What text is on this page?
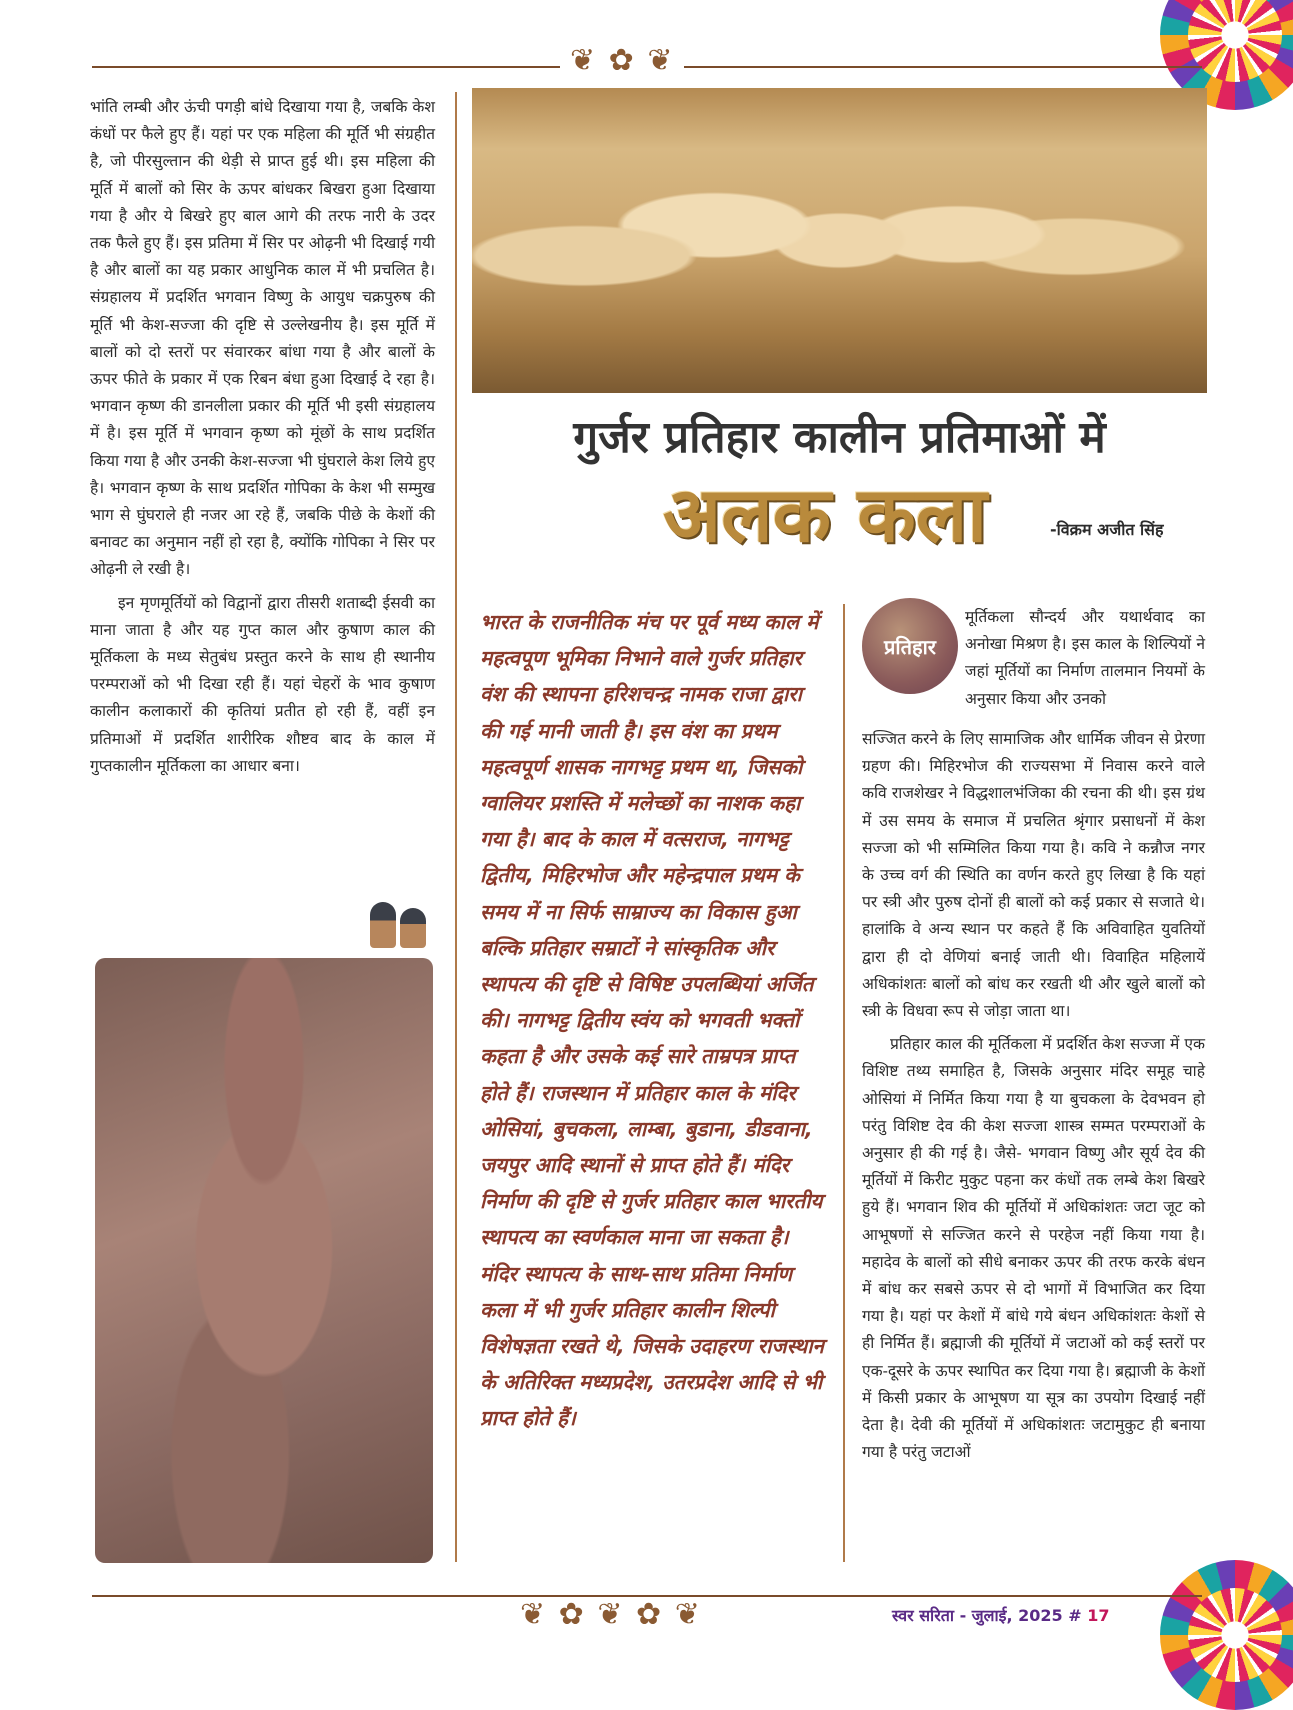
❦ ✿ ❦

भांति लम्बी और ऊंची पगड़ी बांधे दिखाया गया है, जबकि केश कंधों पर फैले हुए हैं। यहां पर एक महिला की मूर्ति भी संग्रहीत है, जो पीरसुल्तान की थेड़ी से प्राप्त हुई थी। इस महिला की मूर्ति में बालों को सिर के ऊपर बांधकर बिखरा हुआ दिखाया गया है और ये बिखरे हुए बाल आगे की तरफ नारी के उदर तक फैले हुए हैं। इस प्रतिमा में सिर पर ओढ़नी भी दिखाई गयी है और बालों का यह प्रकार आधुनिक काल में भी प्रचलित है। संग्रहालय में प्रदर्शित भगवान विष्णु के आयुध चक्रपुरुष की मूर्ति भी केश-सज्जा की दृष्टि से उल्लेखनीय है। इस मूर्ति में बालों को दो स्तरों पर संवारकर बांधा गया है और बालों के ऊपर फीते के प्रकार में एक रिबन बंधा हुआ दिखाई दे रहा है। भगवान कृष्ण की डानलीला प्रकार की मूर्ति भी इसी संग्रहालय में है। इस मूर्ति में भगवान कृष्ण को मूंछों के साथ प्रदर्शित किया गया है और उनकी केश-सज्जा भी घुंघराले केश लिये हुए है। भगवान कृष्ण के साथ प्रदर्शित गोपिका के केश भी सम्मुख भाग से घुंघराले ही नजर आ रहे हैं, जबकि पीछे के केशों की बनावट का अनुमान नहीं हो रहा है, क्योंकि गोपिका ने सिर पर ओढ़नी ले रखी है।

इन मृणमूर्तियों को विद्वानों द्वारा तीसरी शताब्दी ईसवी का माना जाता है और यह गुप्त काल और कुषाण काल की मूर्तिकला के मध्य सेतुबंध प्रस्तुत करने के साथ ही स्थानीय परम्पराओं को भी दिखा रही हैं। यहां चेहरों के भाव कुषाण कालीन कलाकारों की कृतियां प्रतीत हो रही हैं, वहीं इन प्रतिमाओं में प्रदर्शित शारीरिक शौष्टव बाद के काल में गुप्तकालीन मूर्तिकला का आधार बना।

गुर्जर प्रतिहार कालीन प्रतिमाओं में
अलक कला	-विक्रम अजीत सिंह

भारत के राजनीतिक मंच पर पूर्व मध्य काल में महत्वपूण भूमिका निभाने वाले गुर्जर प्रतिहार वंश की स्थापना हरिशचन्द्र नामक राजा द्वारा की गई मानी जाती है। इस वंश का प्रथम महत्वपूर्ण शासक नागभट्ट प्रथम था, जिसको ग्वालियर प्रशस्ति में मलेच्छों का नाशक कहा गया है। बाद के काल में वत्सराज, नागभट्ट द्वितीय, मिहिरभोज और महेन्द्रपाल प्रथम के समय में ना सिर्फ साम्राज्य का विकास हुआ बल्कि प्रतिहार सम्राटों ने सांस्कृतिक और स्थापत्य की दृष्टि से विषिष्ट उपलब्धियां अर्जित की। नागभट्ट द्वितीय स्वंय को भगवती भक्तों कहता है और उसके कई सारे ताम्रपत्र प्राप्त होते हैं। राजस्थान में प्रतिहार काल के मंदिर ओसियां, बुचकला, लाम्बा, बुडाना, डीडवाना, जयपुर आदि स्थानों से प्राप्त होते हैं। मंदिर निर्माण की दृष्टि से गुर्जर प्रतिहार काल भारतीय स्थापत्य का स्वर्णकाल माना जा सकता है। मंदिर स्थापत्य के साथ-साथ प्रतिमा निर्माण कला में भी गुर्जर प्रतिहार कालीन शिल्पी विशेषज्ञता रखते थे, जिसके उदाहरण राजस्थान के अतिरिक्त मध्यप्रदेश, उतरप्रदेश आदि से भी प्राप्त होते हैं।

प्रतिहार

मूर्तिकला सौन्दर्य और यथार्थवाद का अनोखा मिश्रण है। इस काल के शिल्पियों ने जहां मूर्तियों का निर्माण तालमान नियमों के अनुसार किया और उनको

सज्जित करने के लिए सामाजिक और धार्मिक जीवन से प्रेरणा ग्रहण की। मिहिरभोज की राज्यसभा में निवास करने वाले कवि राजशेखर ने विद्धशालभंजिका की रचना की थी। इस ग्रंथ में उस समय के समाज में प्रचलित श्रृंगार प्रसाधनों में केश सज्जा को भी सम्मिलित किया गया है। कवि ने कन्नौज नगर के उच्च वर्ग की स्थिति का वर्णन करते हुए लिखा है कि यहां पर स्त्री और पुरुष दोनों ही बालों को कई प्रकार से सजाते थे। हालांकि वे अन्य स्थान पर कहते हैं कि अविवाहित युवतियों द्वारा ही दो वेणियां बनाई जाती थी। विवाहित महिलायें अधिकांशतः बालों को बांध कर रखती थी और खुले बालों को स्त्री के विधवा रूप से जोड़ा जाता था।

प्रतिहार काल की मूर्तिकला में प्रदर्शित केश सज्जा में एक विशिष्ट तथ्य समाहित है, जिसके अनुसार मंदिर समूह चाहे ओसियां में निर्मित किया गया है या बुचकला के देवभवन हो परंतु विशिष्ट देव की केश सज्जा शास्त्र सम्मत परम्पराओं के अनुसार ही की गई है। जैसे- भगवान विष्णु और सूर्य देव की मूर्तियों में किरीट मुकुट पहना कर कंधों तक लम्बे केश बिखरे हुये हैं। भगवान शिव की मूर्तियों में अधिकांशतः जटा जूट को आभूषणों से सज्जित करने से परहेज नहीं किया गया है। महादेव के बालों को सीधे बनाकर ऊपर की तरफ करके बंधन में बांध कर सबसे ऊपर से दो भागों में विभाजित कर दिया गया है। यहां पर केशों में बांधे गये बंधन अधिकांशतः केशों से ही निर्मित हैं। ब्रह्माजी की मूर्तियों में जटाओं को कई स्तरों पर एक-दूसरे के ऊपर स्थापित कर दिया गया है। ब्रह्माजी के केशों में किसी प्रकार के आभूषण या सूत्र का उपयोग दिखाई नहीं देता है। देवी की मूर्तियों में अधिकांशतः जटामुकुट ही बनाया गया है परंतु जटाओं

❦ ✿ ❦ ✿ ❦	स्वर सरिता - जुलाई, 2025 # 17
